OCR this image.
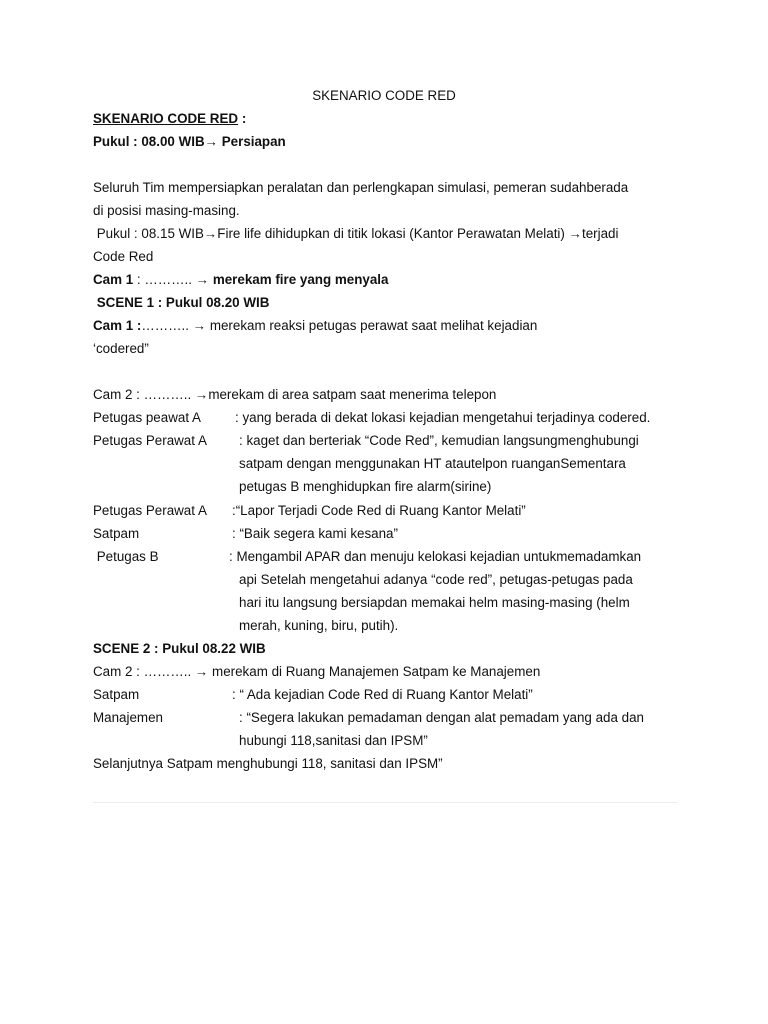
SKENARIO CODE RED
SKENARIO CODE RED :
Pukul : 08.00 WIB→ Persiapan
Seluruh Tim mempersiapkan peralatan dan perlengkapan simulasi, pemeran sudahberada
di posisi masing-masing.
Pukul : 08.15 WIB→Fire life dihidupkan di titik lokasi (Kantor Perawatan Melati) →terjadi
Code Red
Cam 1 : ……….. → merekam fire yang menyala
SCENE 1 : Pukul 08.20 WIB
Cam 1 :……….. → merekam reaksi petugas perawat saat melihat kejadian
‘codered”
Cam 2 : ……….. →merekam di area satpam saat menerima telepon
Petugas peawat A	: yang berada di dekat lokasi kejadian mengetahui terjadinya codered.
Petugas Perawat A : kaget dan berteriak “Code Red”, kemudian langsungmenghubungi
satpam dengan menggunakan HT atautelpon ruanganSementara
petugas B menghidupkan fire alarm(sirine)
Petugas Perawat A :“Lapor Terjadi Code Red di Ruang Kantor Melati”
Satpam	: “Baik segera kami kesana”
Petugas B	: Mengambil APAR dan menuju kelokasi kejadian untukmemadamkan
api Setelah mengetahui adanya “code red”, petugas-petugas pada
hari itu langsung bersiapdan memakai helm masing-masing (helm
merah, kuning, biru, putih).
SCENE 2 : Pukul 08.22 WIB
Cam 2 : ……….. → merekam di Ruang Manajemen Satpam ke Manajemen
Satpam	: “ Ada kejadian Code Red di Ruang Kantor Melati”
Manajemen	: “Segera lakukan pemadaman dengan alat pemadam yang ada dan
hubungi 118,sanitasi dan IPSM”
Selanjutnya Satpam menghubungi 118, sanitasi dan IPSM”
